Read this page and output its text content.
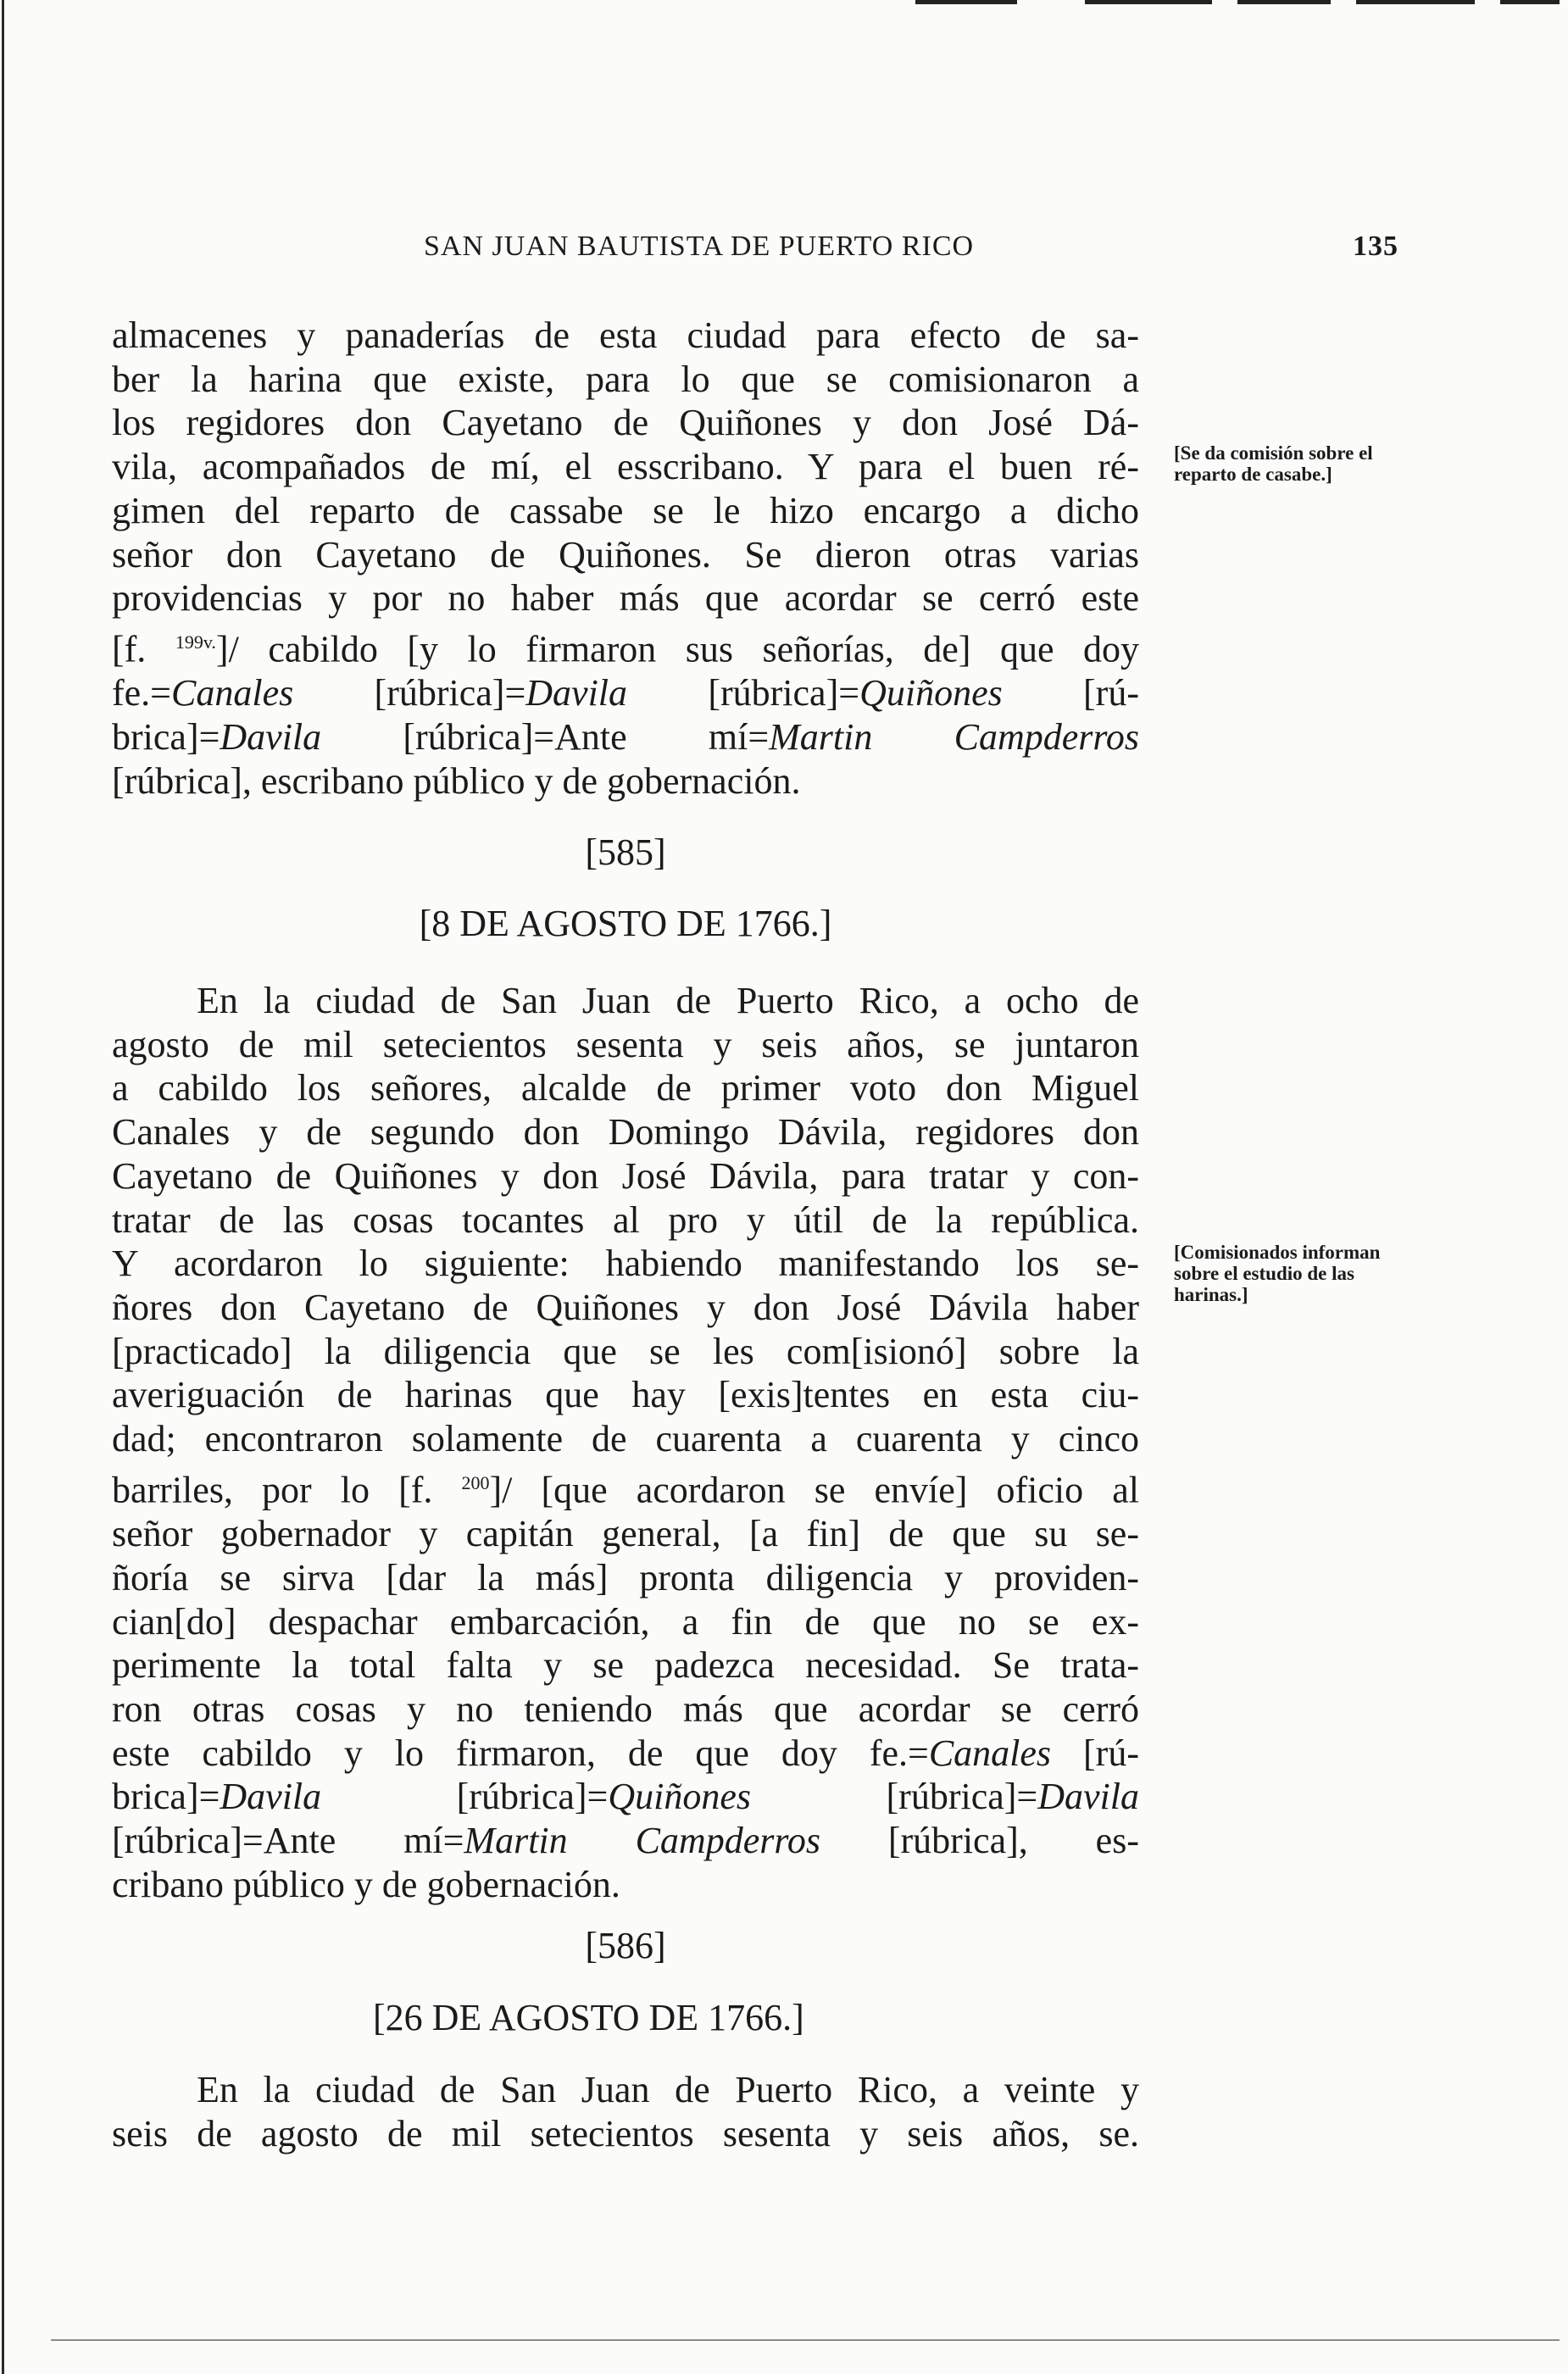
SAN JUAN BAUTISTA DE PUERTO RICO	135
almacenes y panaderías de esta ciudad para efecto de sa-
ber la harina que existe, para lo que se comisionaron a
los regidores don Cayetano de Quiñones y don José Dá-
vila, acompañados de mí, el esscribano. Y para el buen ré-
gimen del reparto de cassabe se le hizo encargo a dicho
señor don Cayetano de Quiñones. Se dieron otras varias
providencias y por no haber más que acordar se cerró este
[f. $^{199v.}$]/ cabildo [y lo firmaron sus señorías, de] que doy
fe.=Canales [rúbrica]=Davila [rúbrica]=Quiñones [rú-
brica]=Davila [rúbrica]=Ante mí=Martin Campderros
[rúbrica], escribano público y de gobernación.
[Se da comisión sobre el reparto de casabe.]
[585]
[8 DE AGOSTO DE 1766.]
En la ciudad de San Juan de Puerto Rico, a ocho de
agosto de mil setecientos sesenta y seis años, se juntaron
a cabildo los señores, alcalde de primer voto don Miguel
Canales y de segundo don Domingo Dávila, regidores don
Cayetano de Quiñones y don José Dávila, para tratar y con-
tratar de las cosas tocantes al pro y útil de la república.
Y acordaron lo siguiente: habiendo manifestando los se-
ñores don Cayetano de Quiñones y don José Dávila haber
[practicado] la diligencia que se les com[isionó] sobre la
averiguación de harinas que hay [exis]tentes en esta ciu-
dad; encontraron solamente de cuarenta a cuarenta y cinco
barriles, por lo [f. $^{200}$]/ [que acordaron se envíe] oficio al
señor gobernador y capitán general, [a fin] de que su se-
ñoría se sirva [dar la más] pronta diligencia y providen-
cian[do] despachar embarcación, a fin de que no se ex-
perimente la total falta y se padezca necesidad. Se trata-
ron otras cosas y no teniendo más que acordar se cerró
este cabildo y lo firmaron, de que doy fe.=Canales [rú-
brica]=Davila [rúbrica]=Quiñones [rúbrica]=Davila
[rúbrica]=Ante mí=Martin Campderros [rúbrica], es-
cribano público y de gobernación.
[Comisionados informan sobre el estudio de las harinas.]
[586]
[26 DE AGOSTO DE 1766.]
En la ciudad de San Juan de Puerto Rico, a veinte y
seis de agosto de mil setecientos sesenta y seis años, se.
